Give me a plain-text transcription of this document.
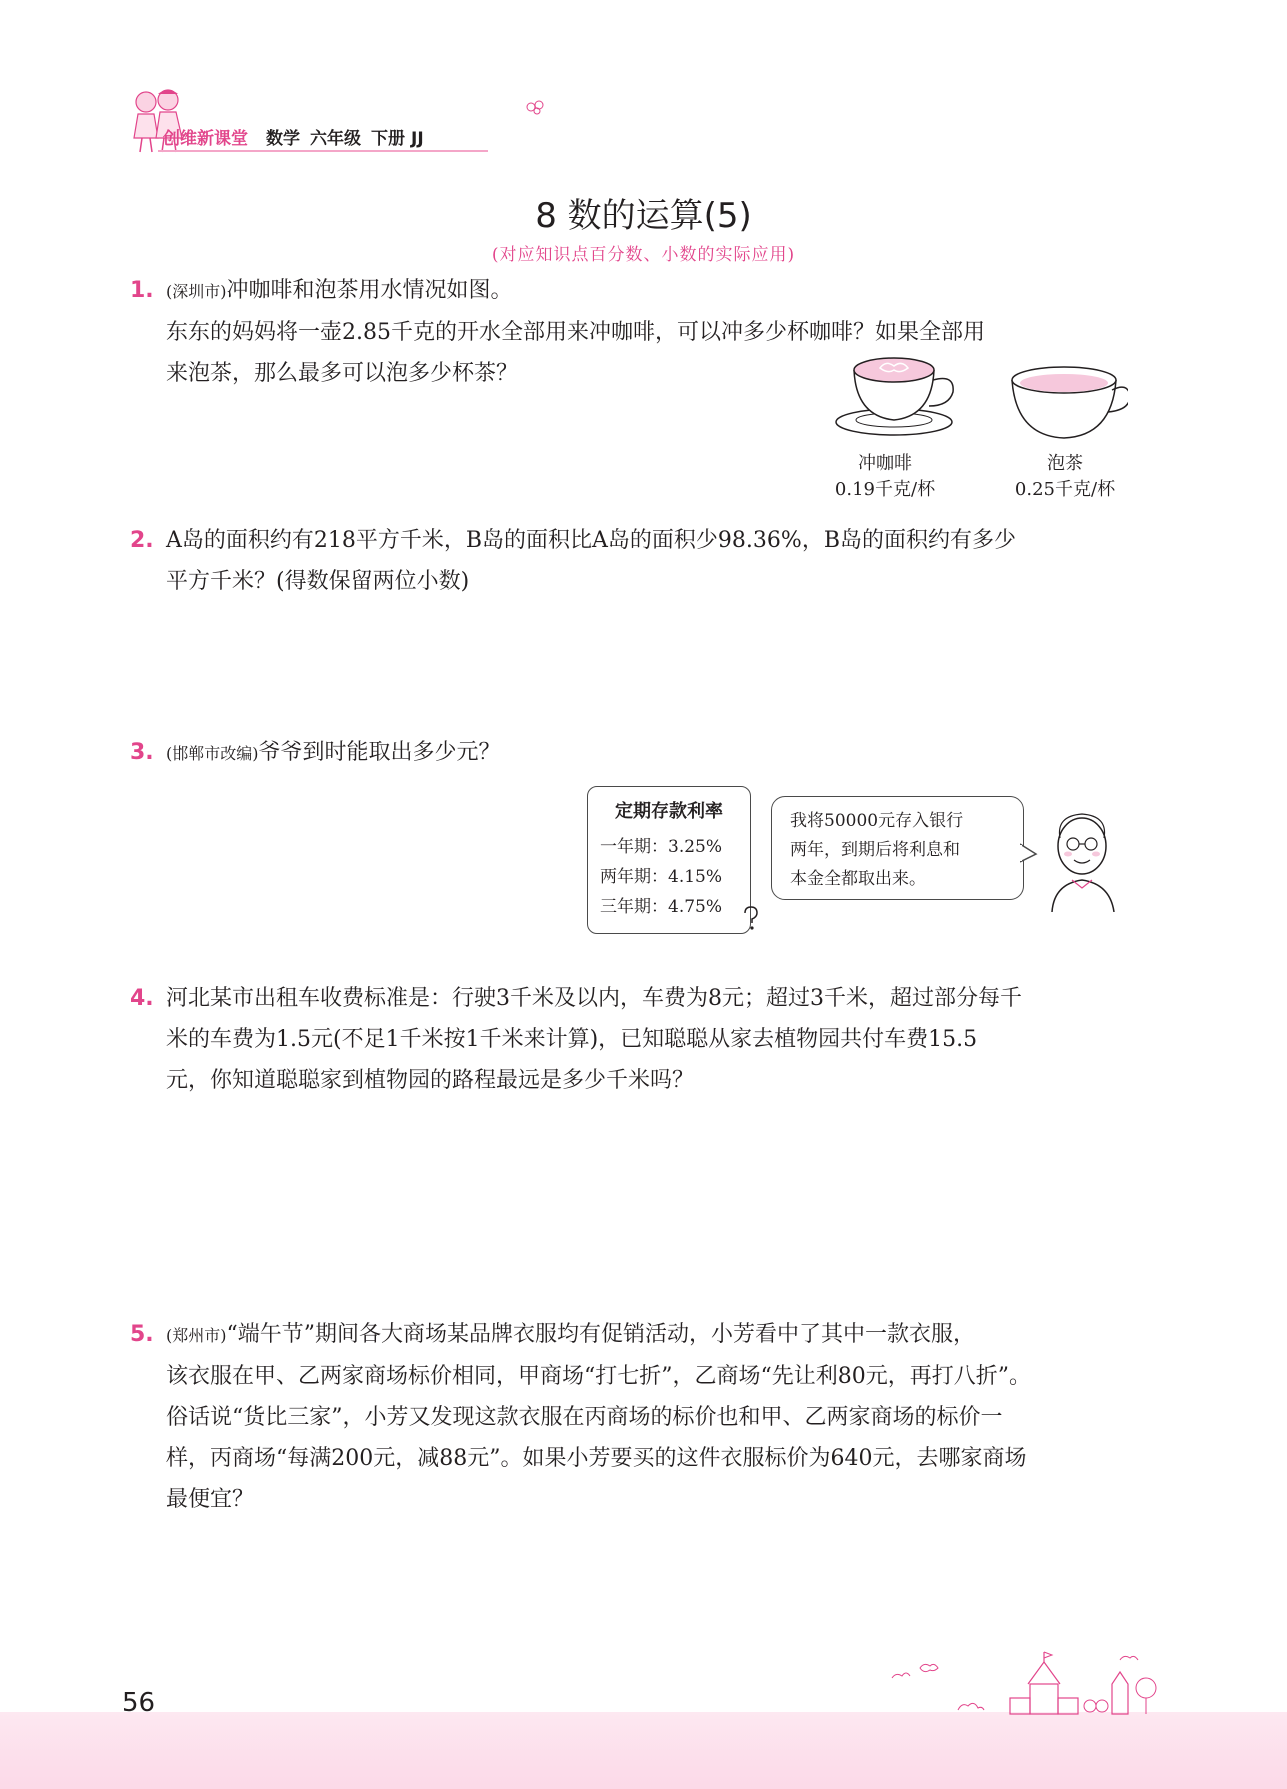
创维新课堂 数学 六年级 下册 JJ
8 数的运算(5)
(对应知识点百分数、小数的实际应用)
1. (深圳市)冲咖啡和泡茶用水情况如图。
东东的妈妈将一壶2.85千克的开水全部用来冲咖啡，可以冲多少杯咖啡？如果全部用
来泡茶，那么最多可以泡多少杯茶？
冲咖啡
0.19千克/杯
泡茶
0.25千克/杯
2. A岛的面积约有218平方千米，B岛的面积比A岛的面积少98.36%，B岛的面积约有多少
平方千米？(得数保留两位小数)
3. (邯郸市改编)爷爷到时能取出多少元？
定期存款利率
一年期：3.25%
两年期：4.15%
三年期：4.75%
我将50000元存入银行
两年，到期后将利息和
本金全都取出来。
4. 河北某市出租车收费标准是：行驶3千米及以内，车费为8元；超过3千米，超过部分每千
米的车费为1.5元(不足1千米按1千米来计算)，已知聪聪从家去植物园共付车费15.5
元，你知道聪聪家到植物园的路程最远是多少千米吗？
5. (郑州市)“端午节”期间各大商场某品牌衣服均有促销活动，小芳看中了其中一款衣服，
该衣服在甲、乙两家商场标价相同，甲商场“打七折”，乙商场“先让利80元，再打八折”。
俗话说“货比三家”，小芳又发现这款衣服在丙商场的标价也和甲、乙两家商场的标价一
样，丙商场“每满200元，减88元”。如果小芳要买的这件衣服标价为640元，去哪家商场
最便宜？
56
